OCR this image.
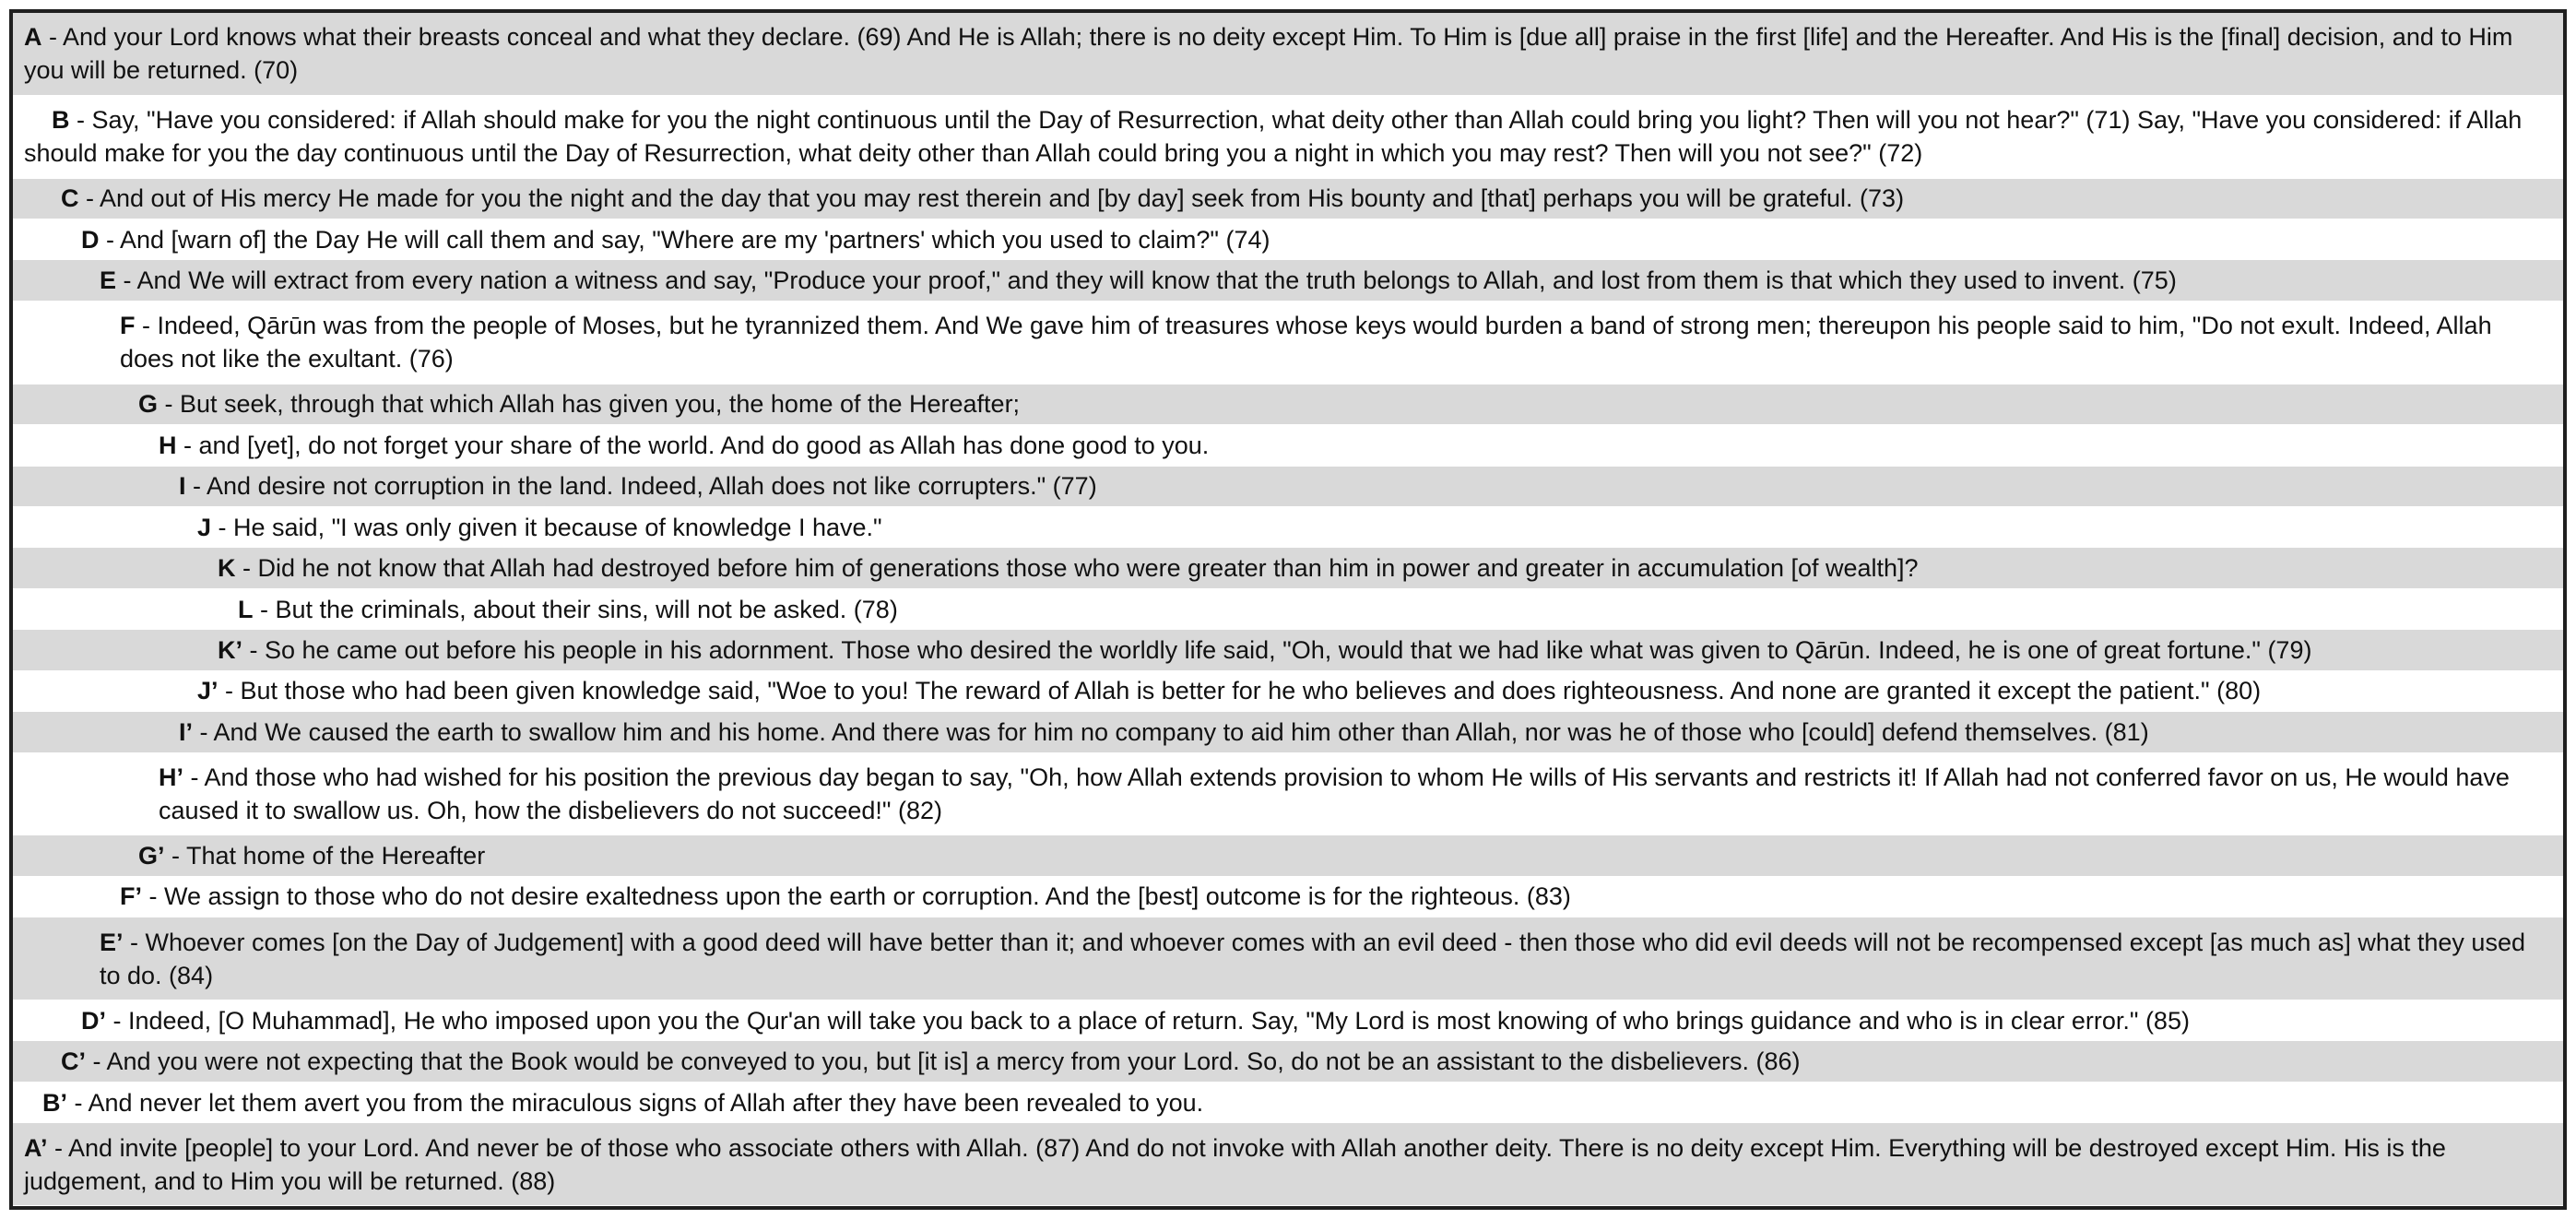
A - And your Lord knows what their breasts conceal and what they declare. (69) And He is Allah; there is no deity except Him. To Him is [due all] praise in the first [life] and the Hereafter. And His is the [final] decision, and to Him you will be returned. (70)
B - Say, "Have you considered: if Allah should make for you the night continuous until the Day of Resurrection, what deity other than Allah could bring you light? Then will you not hear?" (71) Say, "Have you considered: if Allah should make for you the day continuous until the Day of Resurrection, what deity other than Allah could bring you a night in which you may rest? Then will you not see?" (72)
C - And out of His mercy He made for you the night and the day that you may rest therein and [by day] seek from His bounty and [that] perhaps you will be grateful. (73)
D - And [warn of] the Day He will call them and say, "Where are my 'partners' which you used to claim?" (74)
E - And We will extract from every nation a witness and say, "Produce your proof," and they will know that the truth belongs to Allah, and lost from them is that which they used to invent. (75)
F - Indeed, Qārūn was from the people of Moses, but he tyrannized them. And We gave him of treasures whose keys would burden a band of strong men; thereupon his people said to him, "Do not exult. Indeed, Allah does not like the exultant. (76)
G - But seek, through that which Allah has given you, the home of the Hereafter;
H - and [yet], do not forget your share of the world. And do good as Allah has done good to you.
I - And desire not corruption in the land. Indeed, Allah does not like corrupters." (77)
J - He said, "I was only given it because of knowledge I have."
K - Did he not know that Allah had destroyed before him of generations those who were greater than him in power and greater in accumulation [of wealth]?
L - But the criminals, about their sins, will not be asked. (78)
K’ - So he came out before his people in his adornment. Those who desired the worldly life said, "Oh, would that we had like what was given to Qārūn. Indeed, he is one of great fortune." (79)
J’ - But those who had been given knowledge said, "Woe to you! The reward of Allah is better for he who believes and does righteousness. And none are granted it except the patient." (80)
I’ - And We caused the earth to swallow him and his home. And there was for him no company to aid him other than Allah, nor was he of those who [could] defend themselves. (81)
H’ - And those who had wished for his position the previous day began to say, "Oh, how Allah extends provision to whom He wills of His servants and restricts it! If Allah had not conferred favor on us, He would have caused it to swallow us. Oh, how the disbelievers do not succeed!" (82)
G’ - That home of the Hereafter
F’ - We assign to those who do not desire exaltedness upon the earth or corruption. And the [best] outcome is for the righteous. (83)
E’ - Whoever comes [on the Day of Judgement] with a good deed will have better than it; and whoever comes with an evil deed - then those who did evil deeds will not be recompensed except [as much as] what they used to do. (84)
D’ - Indeed, [O Muhammad], He who imposed upon you the Qur'an will take you back to a place of return. Say, "My Lord is most knowing of who brings guidance and who is in clear error." (85)
C’ - And you were not expecting that the Book would be conveyed to you, but [it is] a mercy from your Lord. So, do not be an assistant to the disbelievers. (86)
B’ - And never let them avert you from the miraculous signs of Allah after they have been revealed to you.
A’ - And invite [people] to your Lord. And never be of those who associate others with Allah. (87) And do not invoke with Allah another deity. There is no deity except Him. Everything will be destroyed except Him. His is the judgement, and to Him you will be returned. (88)
